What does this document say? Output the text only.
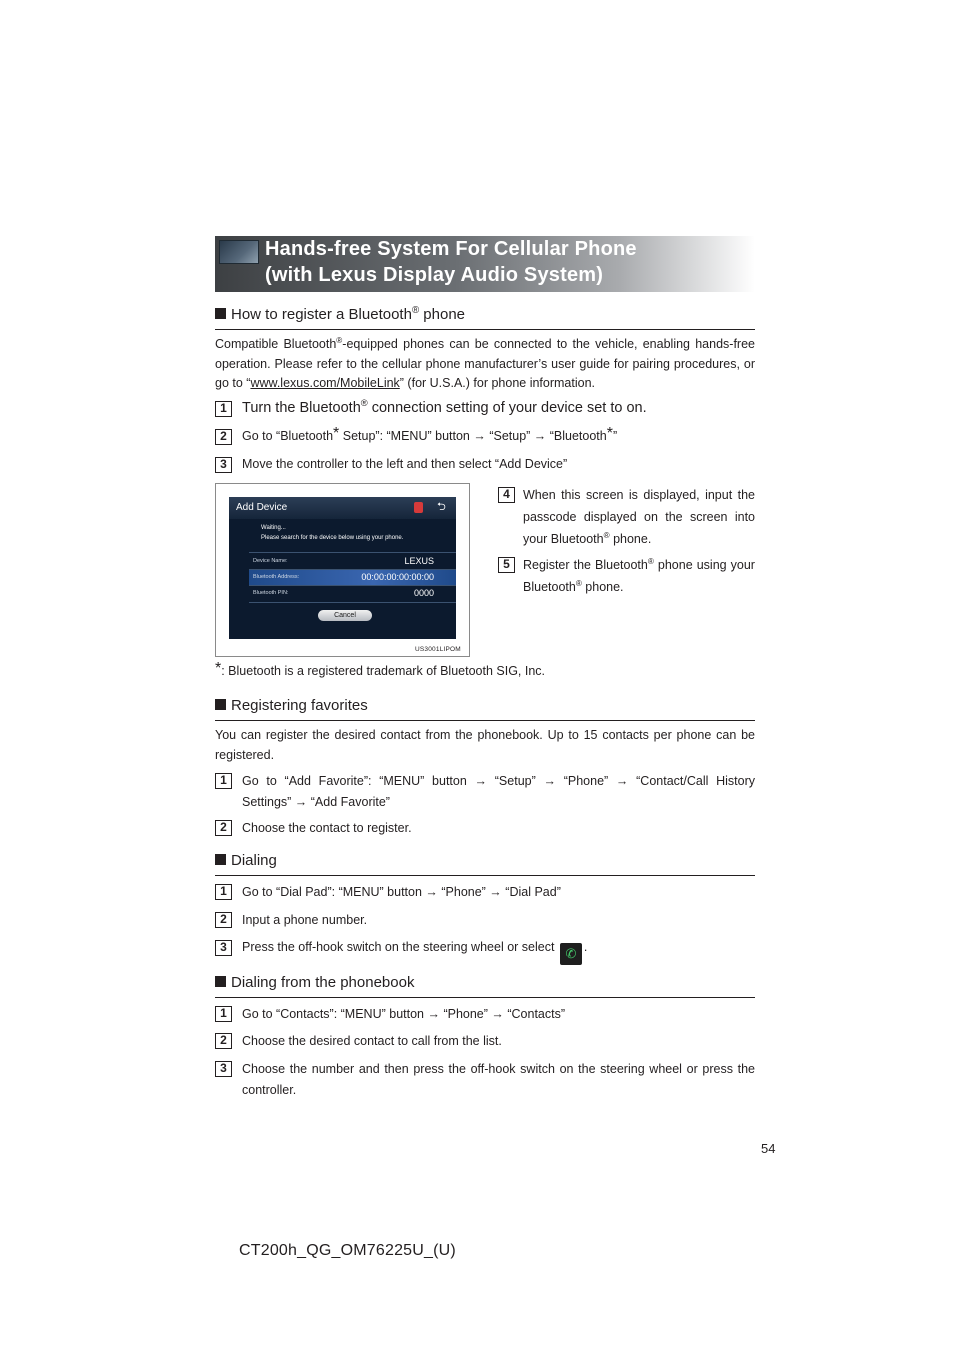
Hands-free System For Cellular Phone
(with Lexus Display Audio System)
How to register a Bluetooth® phone
Compatible Bluetooth®-equipped phones can be connected to the vehicle, enabling hands-free operation. Please refer to the cellular phone manufacturer’s user guide for pairing procedures, or go to “www.lexus.com/MobileLink” (for U.S.A.) for phone information.
1	Turn the Bluetooth® connection setting of your device set to on.
2	Go to “Bluetooth* Setup”: “MENU” button → “Setup” → “Bluetooth*”
3	Move the controller to the left and then select “Add Device”
Add Device	⮌
Waiting...
Please search for the device below using your phone.
Device Name:	LEXUS
Bluetooth Address:	00:00:00:00:00:00
Bluetooth PIN:	0000
Cancel
US3001LIPOM
4	When this screen is displayed, input the passcode displayed on the screen into your Bluetooth® phone.
5	Register the Bluetooth® phone using your Bluetooth® phone.
*: Bluetooth is a registered trademark of Bluetooth SIG, Inc.
Registering favorites
You can register the desired contact from the phonebook. Up to 15 contacts per phone can be registered.
1	Go to “Add Favorite”: “MENU” button → “Setup” → “Phone” → “Contact/Call History Settings” → “Add Favorite”
2	Choose the contact to register.
Dialing
1	Go to “Dial Pad”: “MENU” button → “Phone” → “Dial Pad”
2	Input a phone number.
3	Press the off-hook switch on the steering wheel or select ✆ .
Dialing from the phonebook
1	Go to “Contacts”: “MENU” button → “Phone” → “Contacts”
2	Choose the desired contact to call from the list.
3	Choose the number and then press the off-hook switch on the steering wheel or press the controller.
54
CT200h_QG_OM76225U_(U)
